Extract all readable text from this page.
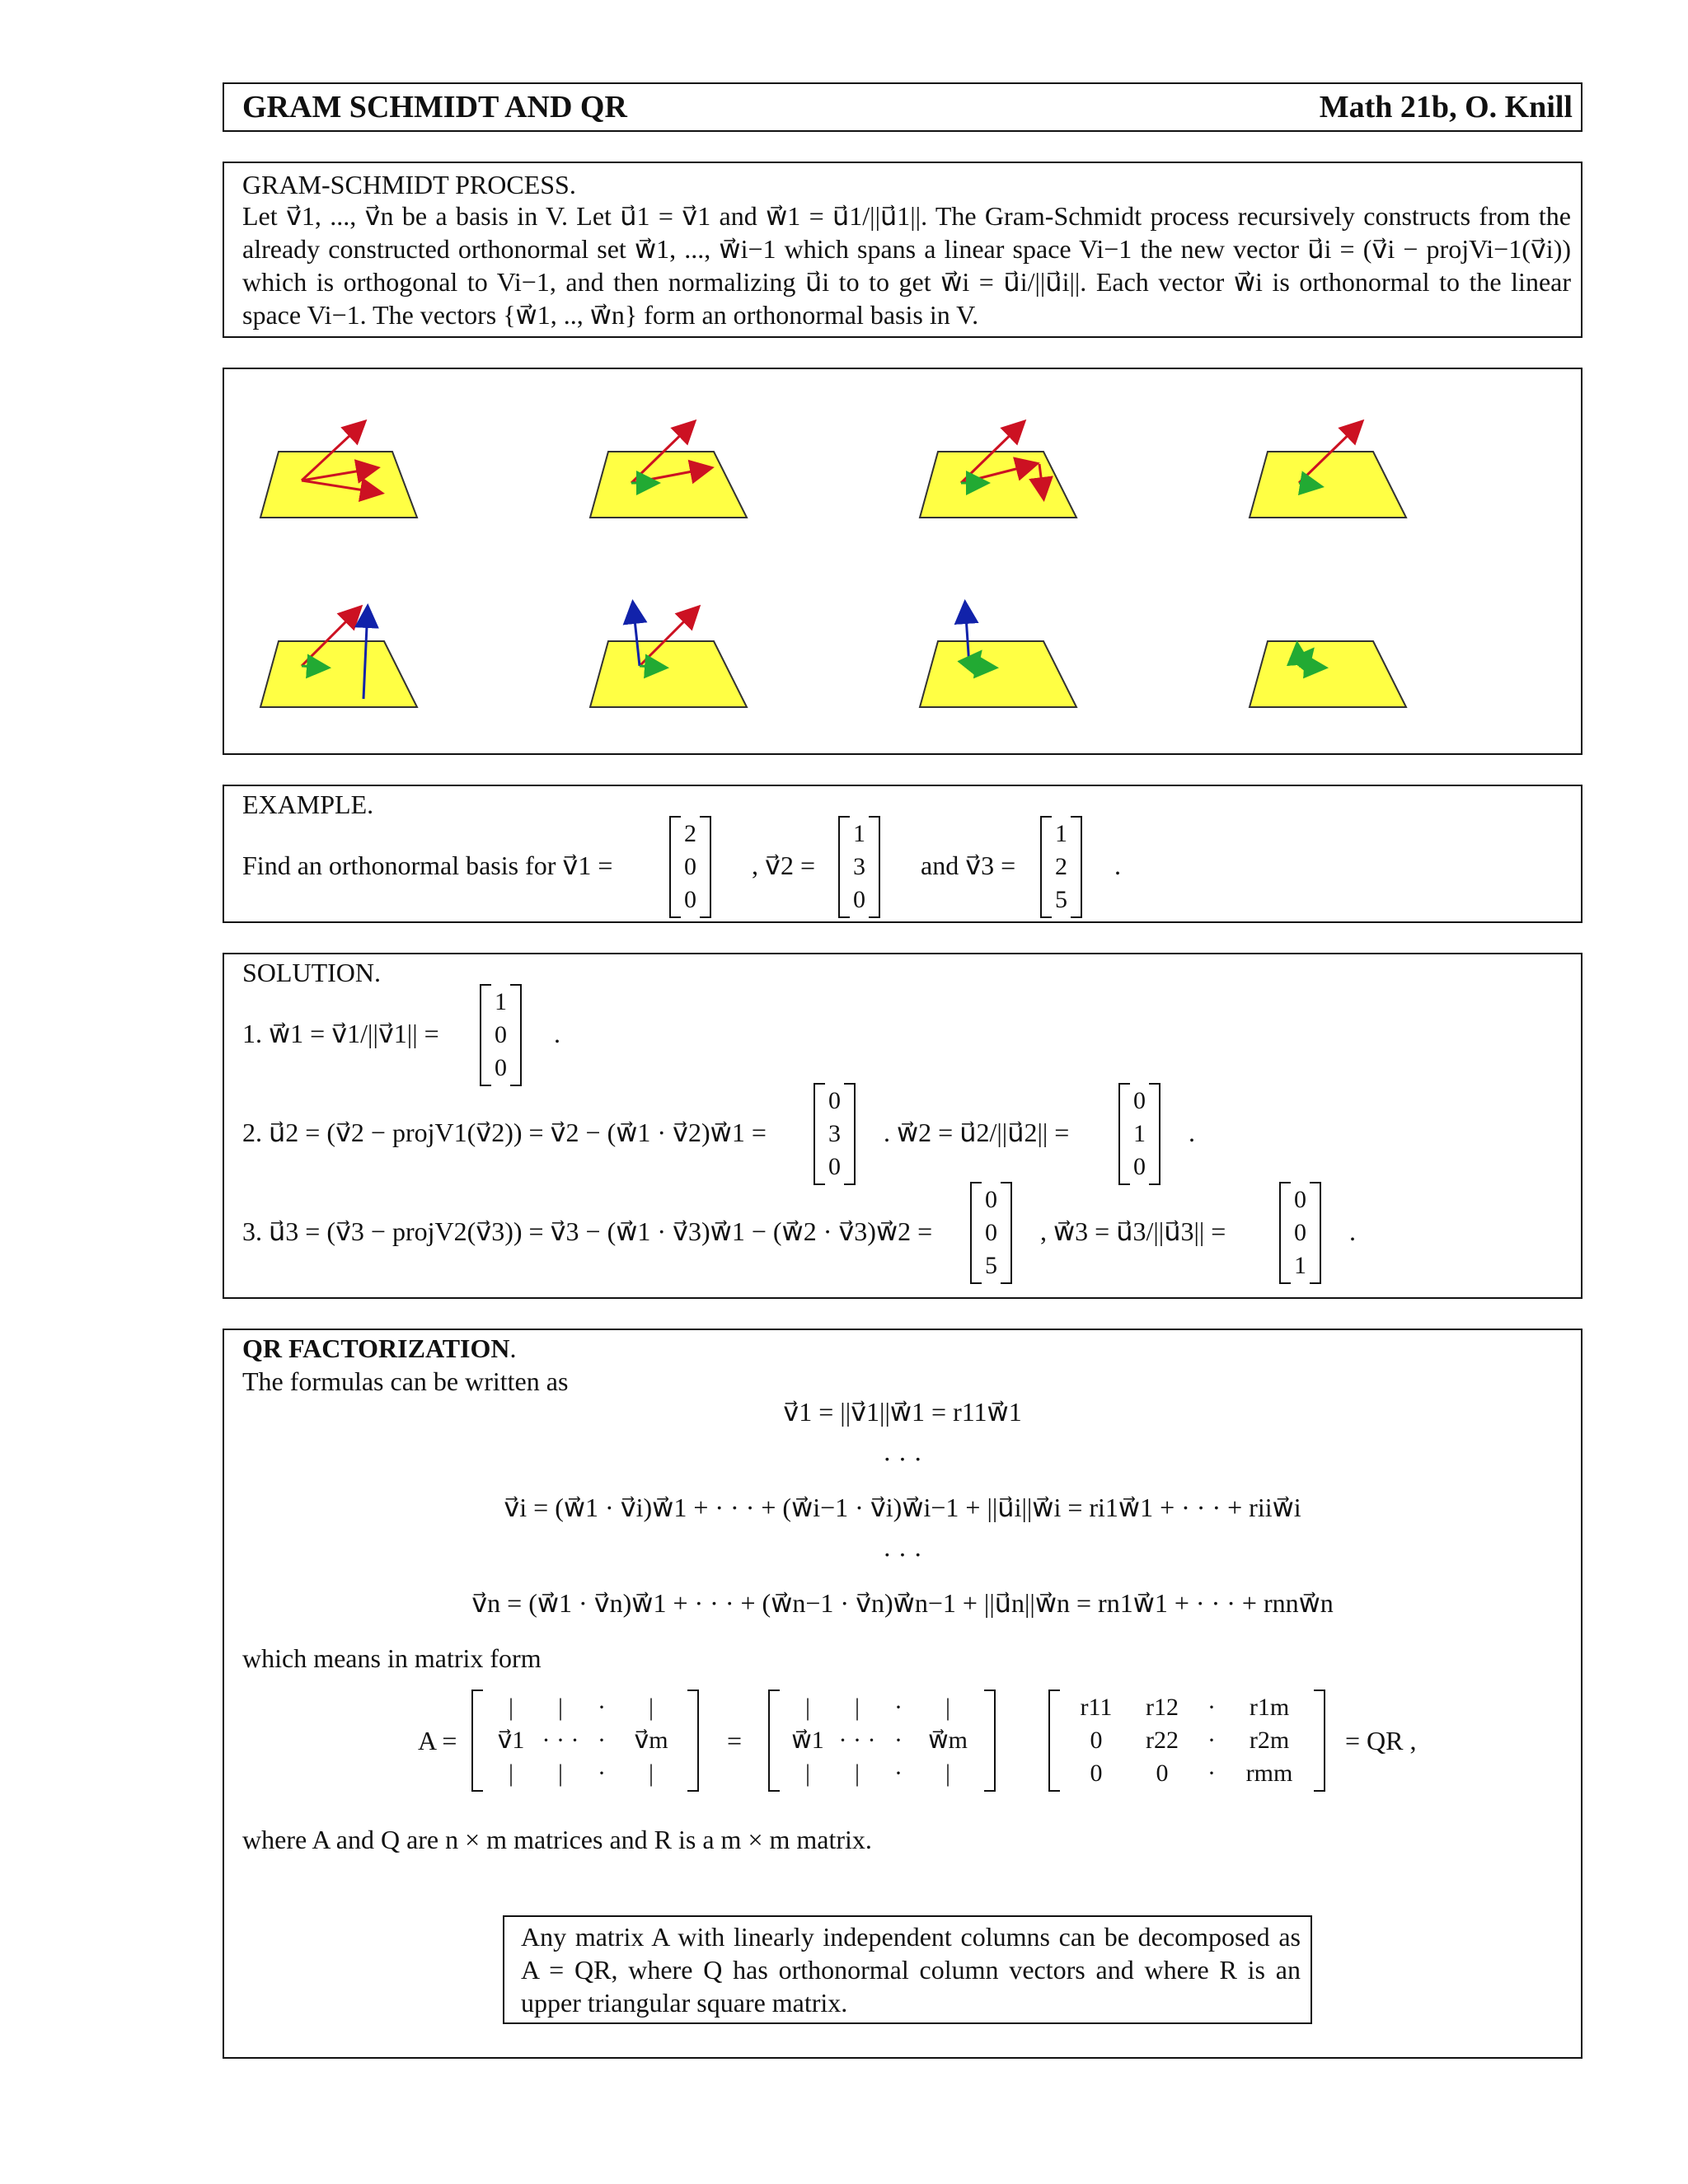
GRAM SCHMIDT AND QR	Math 21b, O. Knill
GRAM-SCHMIDT PROCESS.
Let v⃗1, ..., v⃗n be a basis in V. Let u⃗1 = v⃗1 and w⃗1 = u⃗1/||u⃗1||. The Gram-Schmidt process recursively constructs from the already constructed orthonormal set w⃗1, ..., w⃗i−1 which spans a linear space Vi−1 the new vector u⃗i = (v⃗i − projVi−1(v⃗i)) which is orthogonal to Vi−1, and then normalizing u⃗i to to get w⃗i = u⃗i/||u⃗i||. Each vector w⃗i is orthonormal to the linear space Vi−1. The vectors {w⃗1, .., w⃗n} form an orthonormal basis in V.
EXAMPLE.
Find an orthonormal basis for v⃗1 =
2
0
0
, v⃗2 =
1
3
0
and v⃗3 =
1
2
5
.
SOLUTION.
1. w⃗1 = v⃗1/||v⃗1|| =
1
0
0
.
2. u⃗2 = (v⃗2 − projV1(v⃗2)) = v⃗2 − (w⃗1 · v⃗2)w⃗1 =
0
3
0
. w⃗2 = u⃗2/||u⃗2|| =
0
1
0
.
3. u⃗3 = (v⃗3 − projV2(v⃗3)) = v⃗3 − (w⃗1 · v⃗3)w⃗1 − (w⃗2 · v⃗3)w⃗2 =
0
0
5
, w⃗3 = u⃗3/||u⃗3|| =
0
0
1
.
QR FACTORIZATION.
The formulas can be written as
v⃗1 = ||v⃗1||w⃗1 = r11w⃗1
· · ·
v⃗i = (w⃗1 · v⃗i)w⃗1 + · · · + (w⃗i−1 · v⃗i)w⃗i−1 + ||u⃗i||w⃗i = ri1w⃗1 + · · · + riiw⃗i
· · ·
v⃗n = (w⃗1 · v⃗n)w⃗1 + · · · + (w⃗n−1 · v⃗n)w⃗n−1 + ||u⃗n||w⃗n = rn1w⃗1 + · · · + rnnw⃗n
which means in matrix form
A =
|	|	·	|
v⃗1 · · · ·	v⃗m
|	|	·	|
=
|	|	·	|
w⃗1 · · · ·	w⃗m
|	|	·	|
r11	r12	·	r1m
0	r22	·	r2m
0	0	·	rmm
= QR ,
where A and Q are n × m matrices and R is a m × m matrix.
Any matrix A with linearly independent columns can be decomposed as A = QR, where Q has orthonormal column vectors and where R is an upper triangular square matrix.
